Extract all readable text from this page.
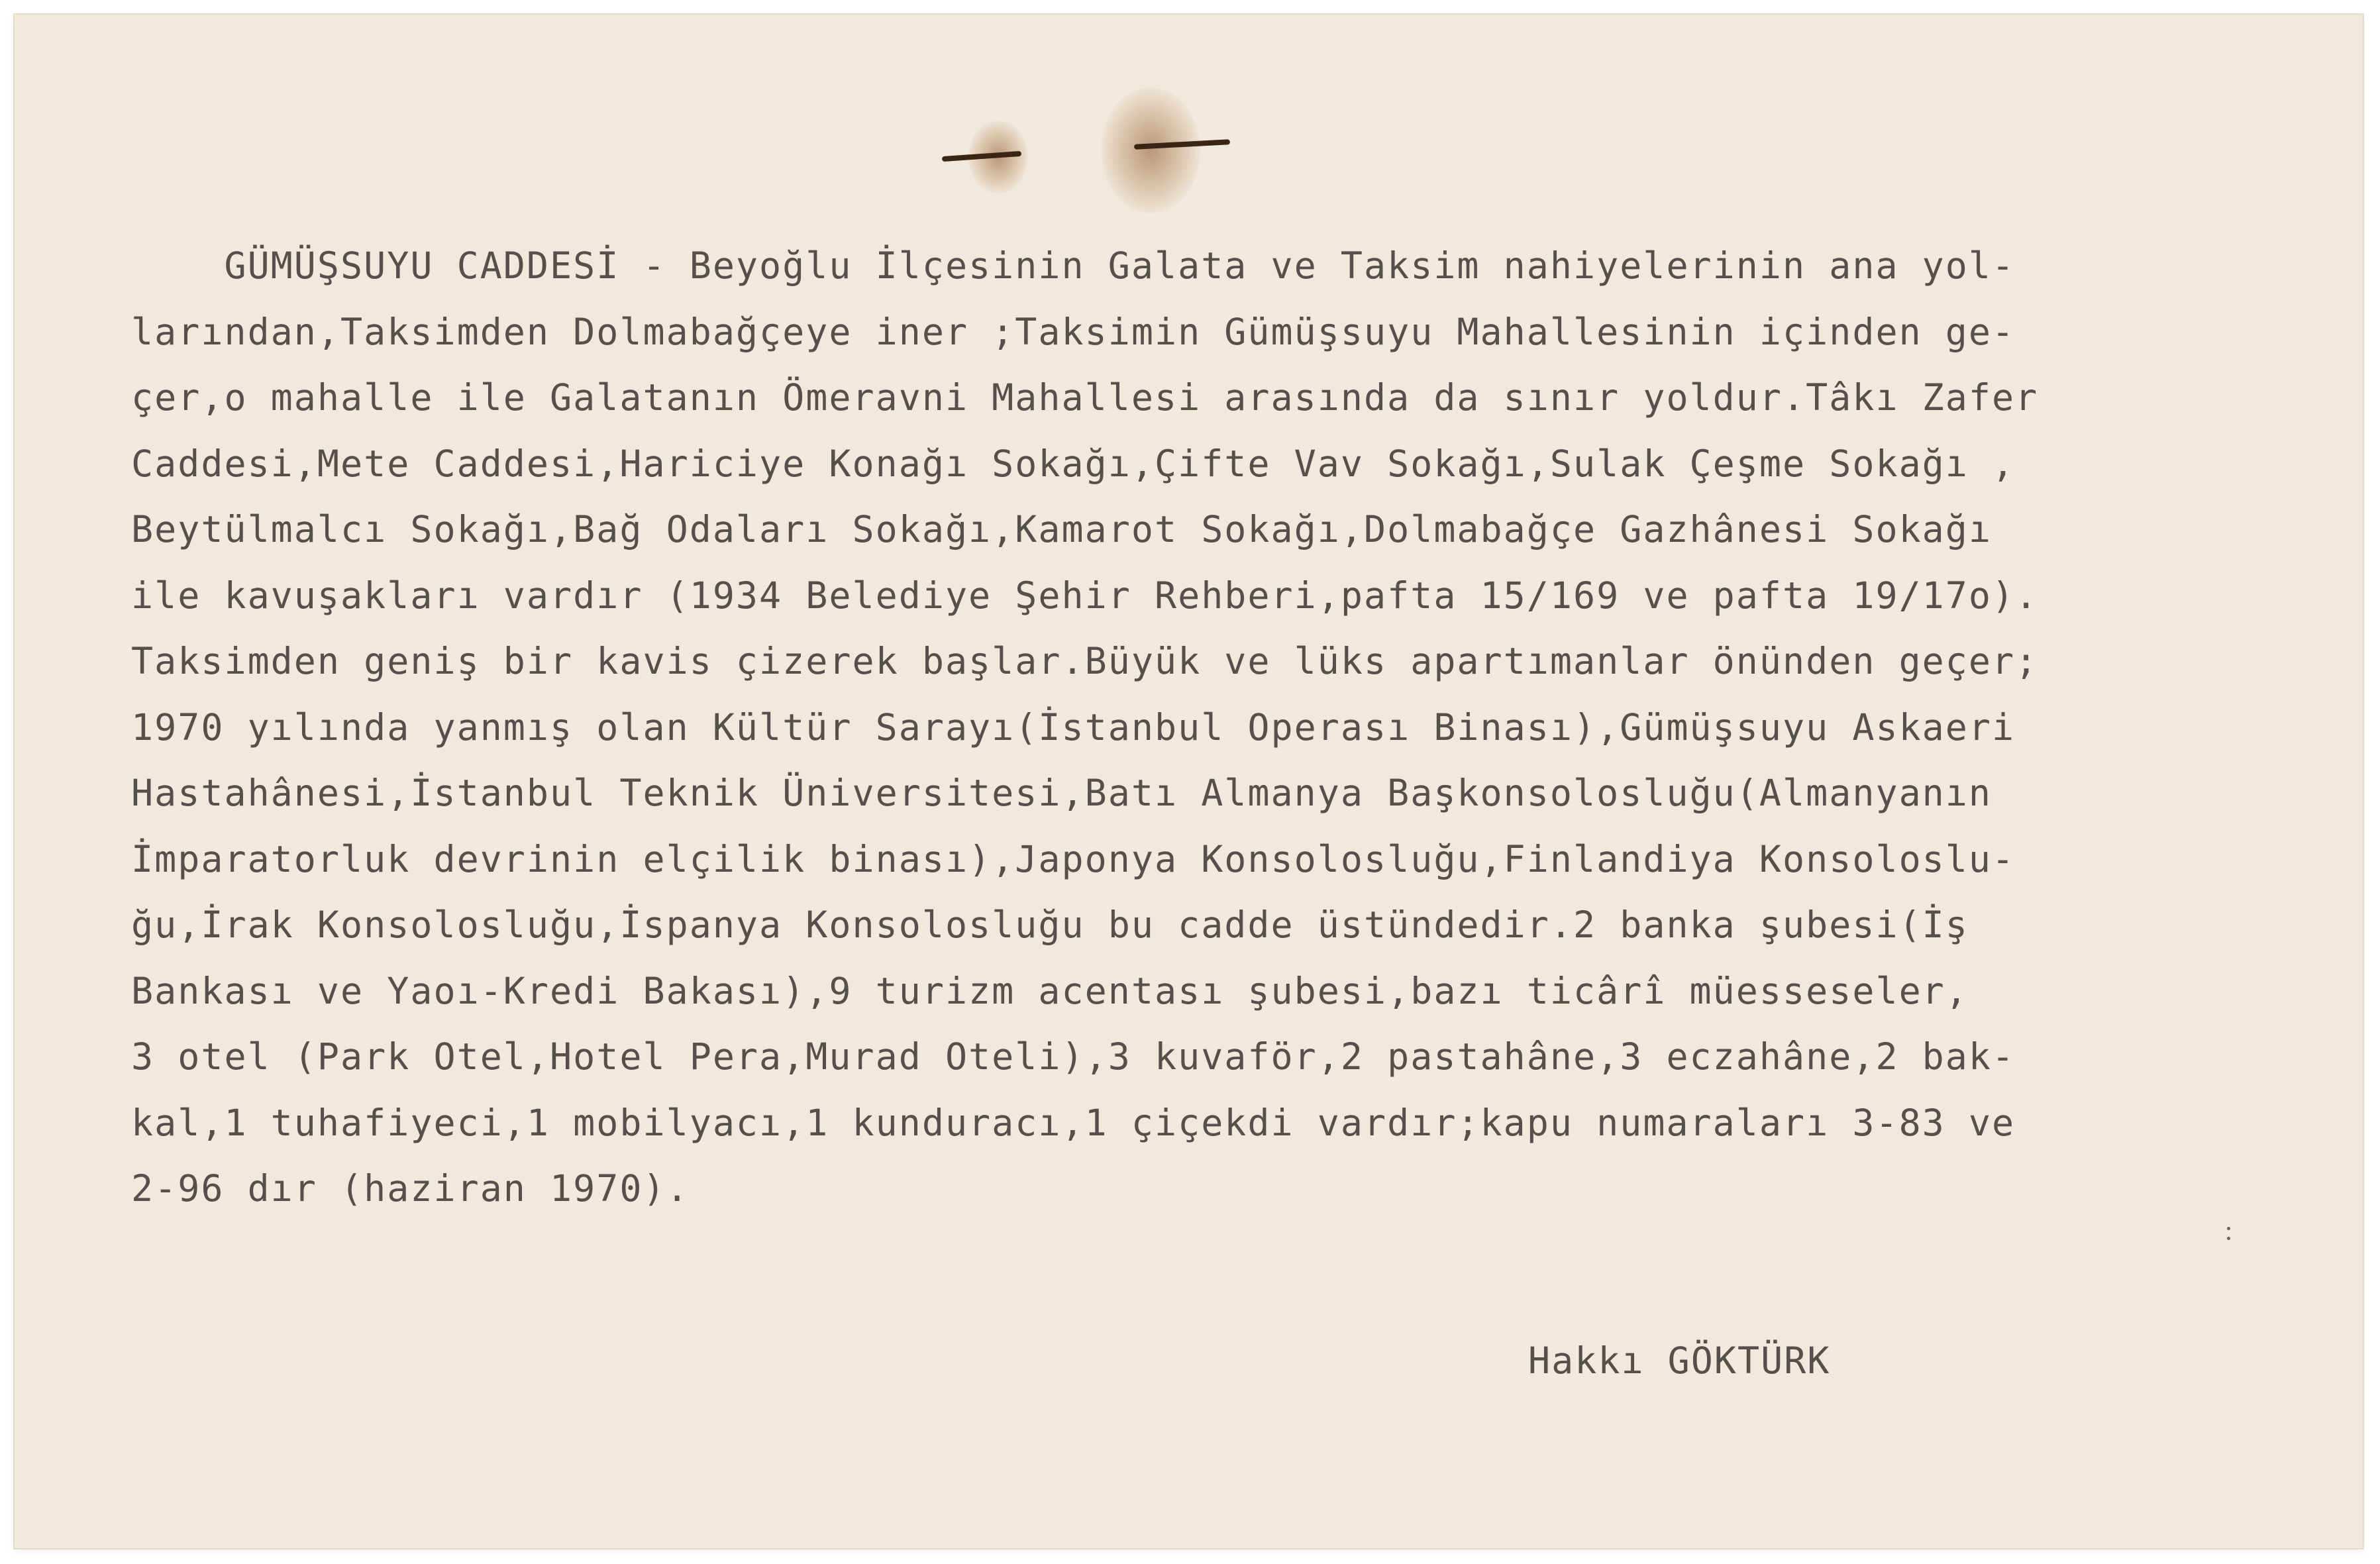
GÜMÜŞSUYU CADDESİ - Beyoğlu İlçesinin Galata ve Taksim nahiyelerinin ana yol-
larından,Taksimden Dolmabağçeye iner ;Taksimin Gümüşsuyu Mahallesinin içinden ge-
çer,o mahalle ile Galatanın Ömeravni Mahallesi arasında da sınır yoldur.Tâkı Zafer
Caddesi,Mete Caddesi,Hariciye Konağı Sokağı,Çifte Vav Sokağı,Sulak Çeşme Sokağı ,
Beytülmalcı Sokağı,Bağ Odaları Sokağı,Kamarot Sokağı,Dolmabağçe Gazhânesi Sokağı
ile kavuşakları vardır (1934 Belediye Şehir Rehberi,pafta 15/169 ve pafta 19/17o).
Taksimden geniş bir kavis çizerek başlar.Büyük ve lüks apartımanlar önünden geçer;
1970 yılında yanmış olan Kültür Sarayı(İstanbul Operası Binası),Gümüşsuyu Askaeri
Hastahânesi,İstanbul Teknik Üniversitesi,Batı Almanya Başkonsolosluğu(Almanyanın
İmparatorluk devrinin elçilik binası),Japonya Konsolosluğu,Finlandiya Konsoloslu-
ğu,İrak Konsolosluğu,İspanya Konsolosluğu bu cadde üstündedir.2 banka şubesi(İş
Bankası ve Yaoı-Kredi Bakası),9 turizm acentası şubesi,bazı ticârî müesseseler,
3 otel (Park Otel,Hotel Pera,Murad Oteli),3 kuvaför,2 pastahâne,3 eczahâne,2 bak-
kal,1 tuhafiyeci,1 mobilyacı,1 kunduracı,1 çiçekdi vardır;kapu numaraları 3-83 ve
2-96 dır (haziran 1970).
Hakkı GÖKTÜRK
